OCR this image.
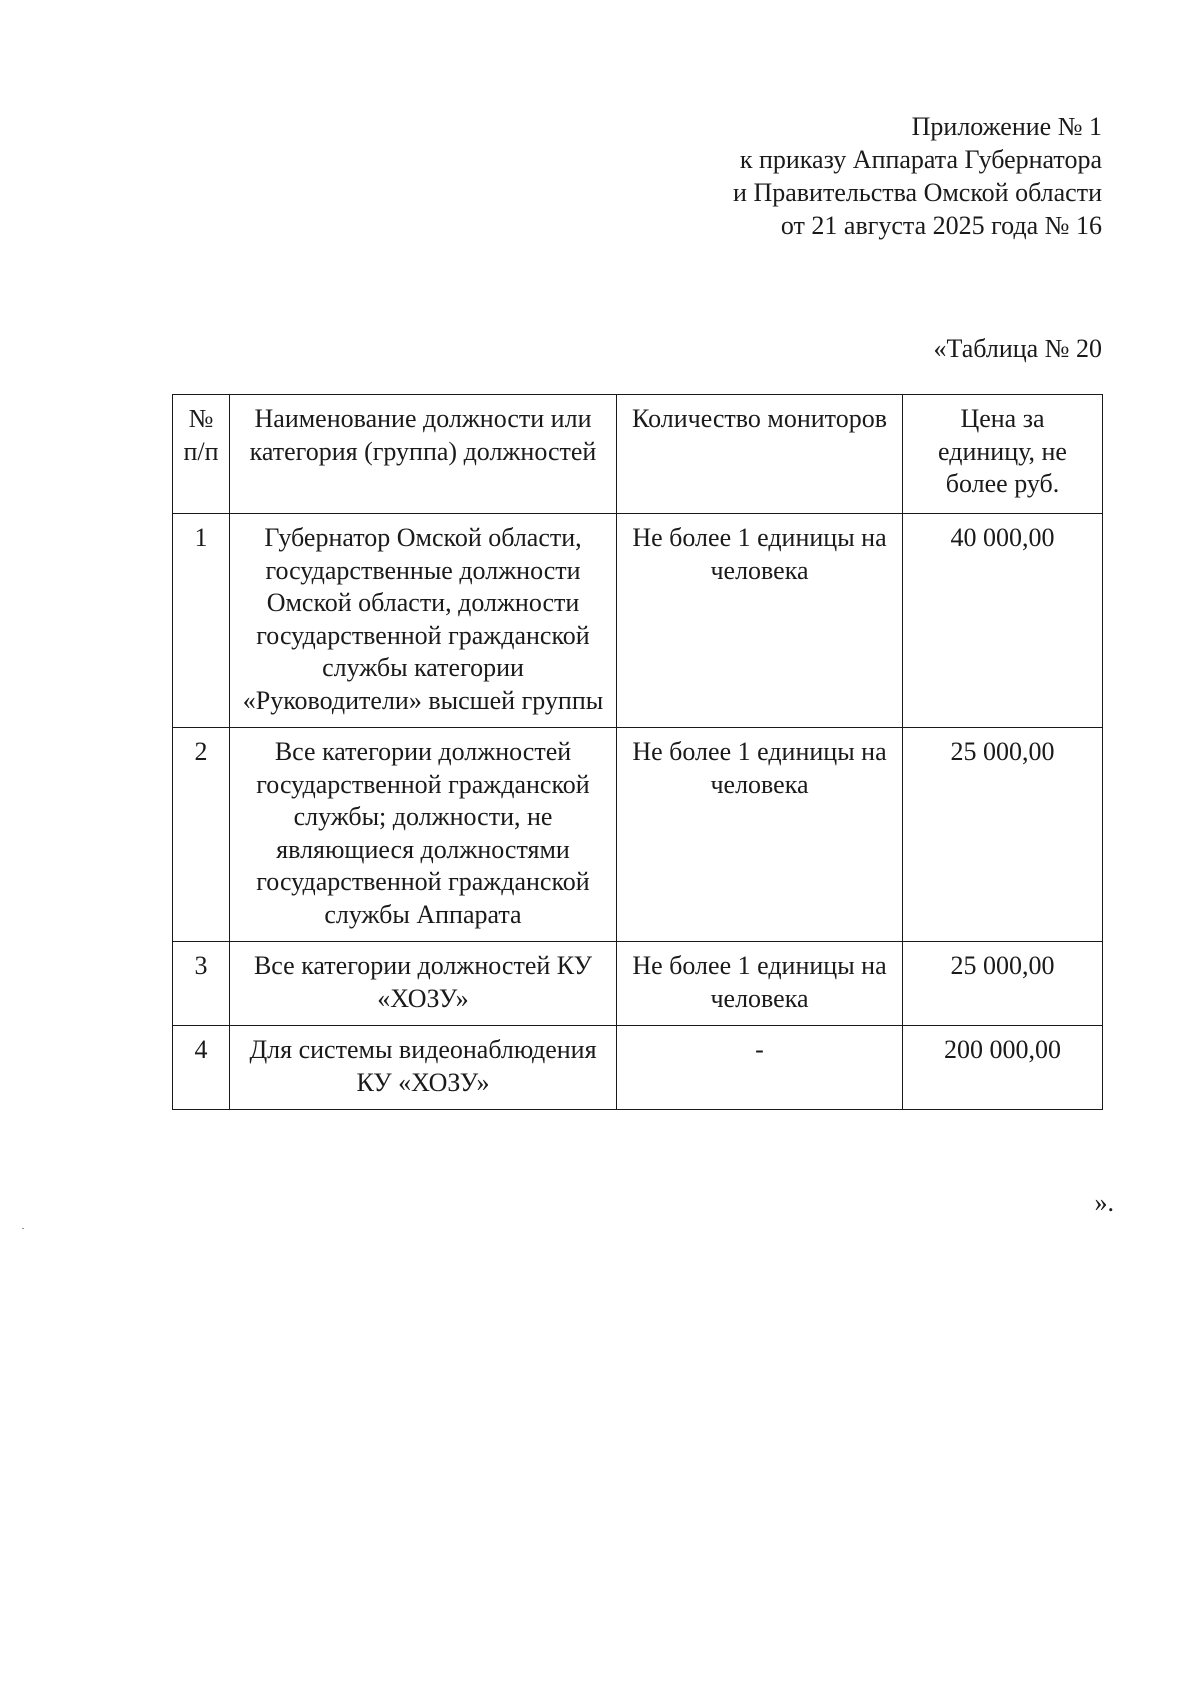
Приложение № 1
к приказу Аппарата Губернатора
и Правительства Омской области
от 21 августа 2025 года № 16
«Таблица № 20
№ п/п	Наименование должности или категория (группа) должностей	Количество мониторов	Цена за единицу, не более руб.
1	Губернатор Омской области, государственные должности Омской области, должности государственной гражданской службы категории «Руководители» высшей группы	Не более 1 единицы на человека	40 000,00
2	Все категории должностей государственной гражданской службы; должности, не являющиеся должностями государственной гражданской службы Аппарата	Не более 1 единицы на человека	25 000,00
3	Все категории должностей КУ «ХОЗУ»	Не более 1 единицы на человека	25 000,00
4	Для системы видеонаблюдения КУ «ХОЗУ»	-	200 000,00
».
